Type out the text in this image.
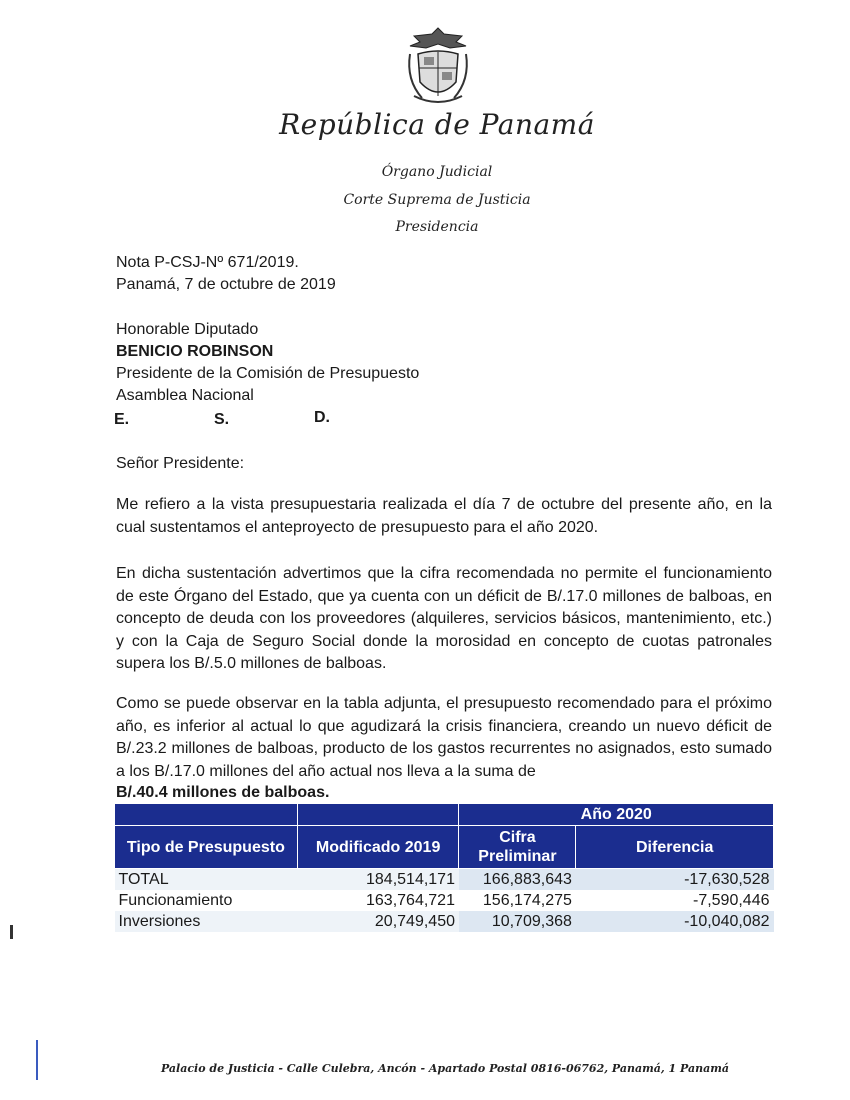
República de Panamá
Órgano Judicial
Corte Suprema de Justicia
Presidencia
Nota P-CSJ-Nº 671/2019.
Panamá, 7 de octubre de 2019
Honorable Diputado
BENICIO ROBINSON
Presidente de la Comisión de Presupuesto
Asamblea Nacional
E.	S.	D.
Señor Presidente:

Me refiero a la vista presupuestaria realizada el día 7 de octubre del presente año, en la cual sustentamos el anteproyecto de presupuesto para el año 2020.

En dicha sustentación advertimos que la cifra recomendada no permite el funcionamiento de este Órgano del Estado, que ya cuenta con un déficit de B/.17.0 millones de balboas, en concepto de deuda con los proveedores (alquileres, servicios básicos, mantenimiento, etc.) y con la Caja de Seguro Social donde la morosidad en concepto de cuotas patronales supera los B/.5.0 millones de balboas.

Como se puede observar en la tabla adjunta, el presupuesto recomendado para el próximo año, es inferior al actual lo que agudizará la crisis financiera, creando un nuevo déficit de B/.23.2 millones de balboas, producto de los gastos recurrentes no asignados, esto sumado a los B/.17.0 millones del año actual nos lleva a la suma de

B/.40.4 millones de balboas.
		Año 2020	
Tipo de Presupuesto	Modificado 2019	Cifra Preliminar	Diferencia
TOTAL	184,514,171	166,883,643	-17,630,528
Funcionamiento	163,764,721	156,174,275	-7,590,446
Inversiones	20,749,450	10,709,368	-10,040,082
Palacio de Justicia - Calle Culebra, Ancón - Apartado Postal 0816-06762, Panamá, 1 Panamá
